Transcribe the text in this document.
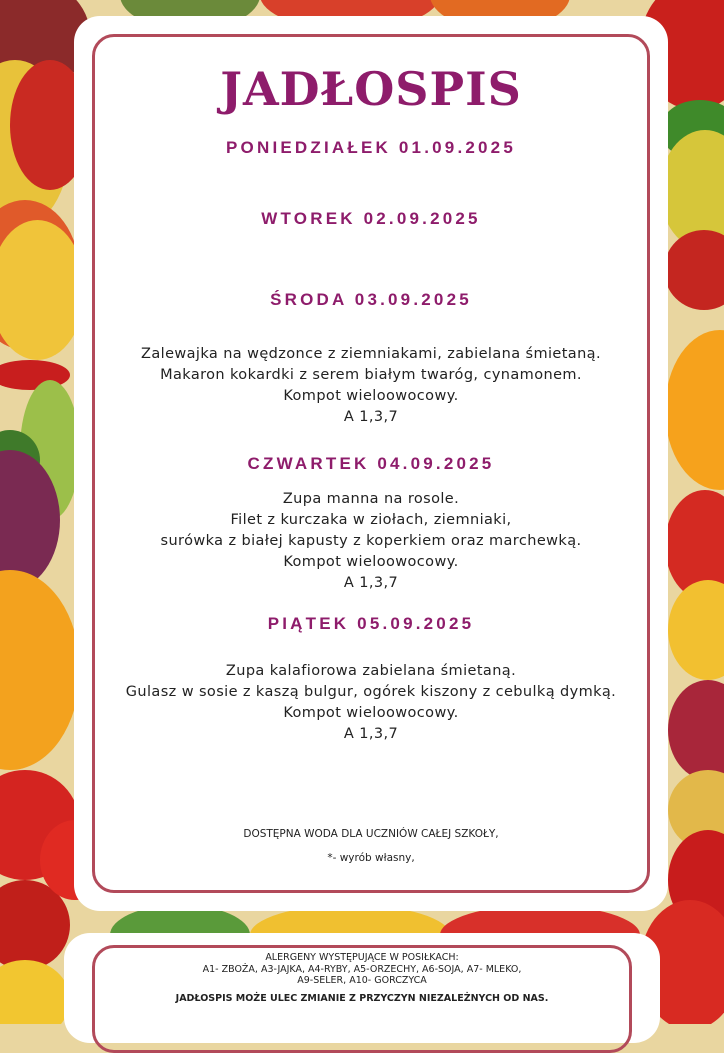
JADŁOSPIS
PONIEDZIAŁEK 01.09.2025
WTOREK 02.09.2025
ŚRODA 03.09.2025
Zalewajka na wędzonce z ziemniakami, zabielana śmietaną.
Makaron kokardki z serem białym twaróg, cynamonem.
Kompot wieloowocowy.
A 1,3,7
CZWARTEK 04.09.2025
Zupa manna na rosole.
Filet z kurczaka w ziołach, ziemniaki,
surówka z białej kapusty z koperkiem oraz marchewką.
Kompot wieloowocowy.
A 1,3,7
PIĄTEK 05.09.2025
Zupa kalafiorowa zabielana śmietaną.
Gulasz w sosie z kaszą bulgur, ogórek kiszony z cebulką dymką.
Kompot wieloowocowy.
A 1,3,7
DOSTĘPNA WODA DLA UCZNIÓW CAŁEJ SZKOŁY,
*- wyrób własny,
ALERGENY WYSTĘPUJĄCE W POSIŁKACH:
A1- ZBOŻA, A3-JAJKA, A4-RYBY, A5-ORZECHY, A6-SOJA, A7- MLEKO,
A9-SELER, A10- GORCZYCA
JADŁOSPIS MOŻE ULEC ZMIANIE Z PRZYCZYN NIEZALEŻNYCH OD NAS.
